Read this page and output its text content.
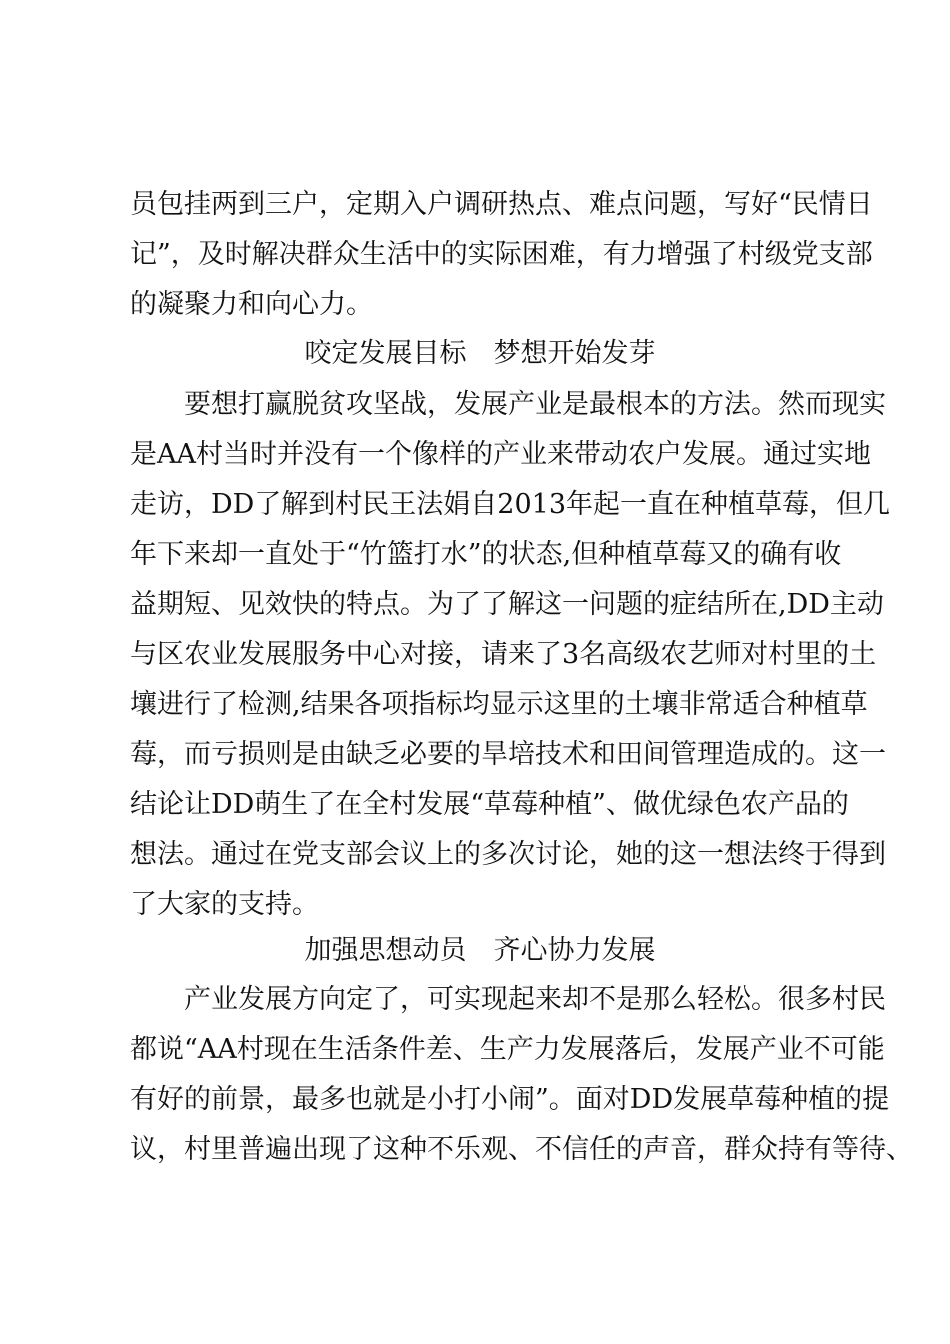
员包挂两到三户，定期入户调研热点、难点问题，写好“民情日
记”，及时解决群众生活中的实际困难，有力增强了村级党支部
的凝聚力和向心力。
咬定发展目标　梦想开始发芽
要想打赢脱贫攻坚战，发展产业是最根本的方法。然而现实
是AA村当时并没有一个像样的产业来带动农户发展。通过实地
走访，DD了解到村民王法娟自2013年起一直在种植草莓，但几
年下来却一直处于“竹篮打水”的状态,但种植草莓又的确有收
益期短、见效快的特点。为了了解这一问题的症结所在,DD主动
与区农业发展服务中心对接，请来了3名高级农艺师对村里的土
壤进行了检测,结果各项指标均显示这里的土壤非常适合种植草
莓，而亏损则是由缺乏必要的旱培技术和田间管理造成的。这一
结论让DD萌生了在全村发展“草莓种植”、做优绿色农产品的
想法。通过在党支部会议上的多次讨论，她的这一想法终于得到
了大家的支持。
加强思想动员　齐心协力发展
产业发展方向定了，可实现起来却不是那么轻松。很多村民
都说“AA村现在生活条件差、生产力发展落后，发展产业不可能
有好的前景，最多也就是小打小闹”。面对DD发展草莓种植的提
议，村里普遍出现了这种不乐观、不信任的声音，群众持有等待、
